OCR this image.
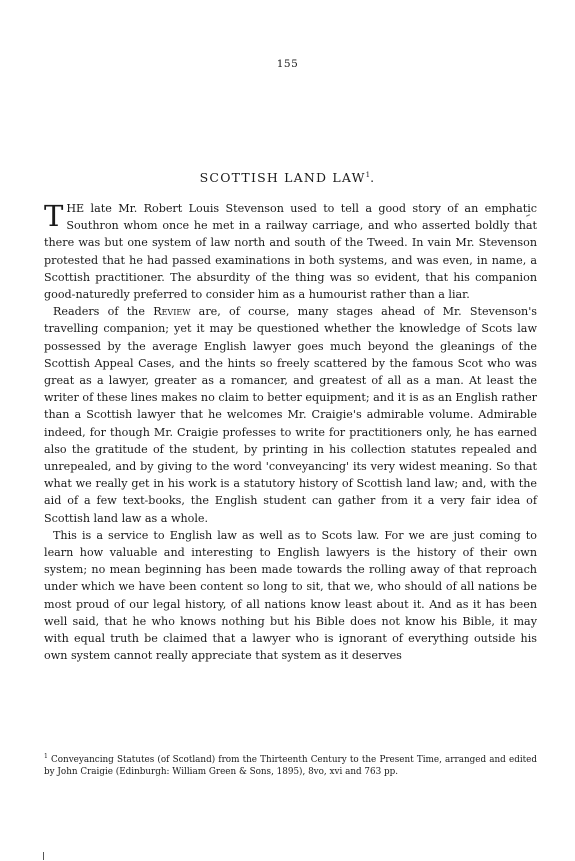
155
SCOTTISH LAND LAW$^1$.

THE late Mr. Robert Louis Stevenson used to tell a good story of an emphatic Southron whom once he met in a railway carriage, and who asserted boldly that there was but one system of law north and south of the Tweed. In vain Mr. Stevenson protested that he had passed examinations in both systems, and was even, in name, a Scottish practitioner. The absurdity of the thing was so evident, that his companion good-naturedly preferred to consider him as a humourist rather than a liar.

Readers of the Review are, of course, many stages ahead of Mr. Stevenson's travelling companion; yet it may be questioned whether the knowledge of Scots law possessed by the average English lawyer goes much beyond the gleanings of the Scottish Appeal Cases, and the hints so freely scattered by the famous Scot who was great as a lawyer, greater as a romancer, and greatest of all as a man. At least the writer of these lines makes no claim to better equipment; and it is as an English rather than a Scottish lawyer that he welcomes Mr. Craigie's admirable volume. Admirable indeed, for though Mr. Craigie professes to write for practitioners only, he has earned also the gratitude of the student, by printing in his collection statutes repealed and unrepealed, and by giving to the word 'conveyancing' its very widest meaning. So that what we really get in his work is a statutory history of Scottish land law; and, with the aid of a few text-books, the English student can gather from it a very fair idea of Scottish land law as a whole.

This is a service to English law as well as to Scots law. For we are just coming to learn how valuable and interesting to English lawyers is the history of their own system; no mean beginning has been made towards the rolling away of that reproach under which we have been content so long to sit, that we, who should of all nations be most proud of our legal history, of all nations know least about it. And as it has been well said, that he who knows nothing but his Bible does not know his Bible, it may with equal truth be claimed that a lawyer who is ignorant of everything outside his own system cannot really appreciate that system as it deserves

$^1$ Conveyancing Statutes (of Scotland) from the Thirteenth Century to the Present Time, arranged and edited by John Craigie (Edinburgh: William Green & Sons, 1895), 8vo, xvi and 763 pp.
